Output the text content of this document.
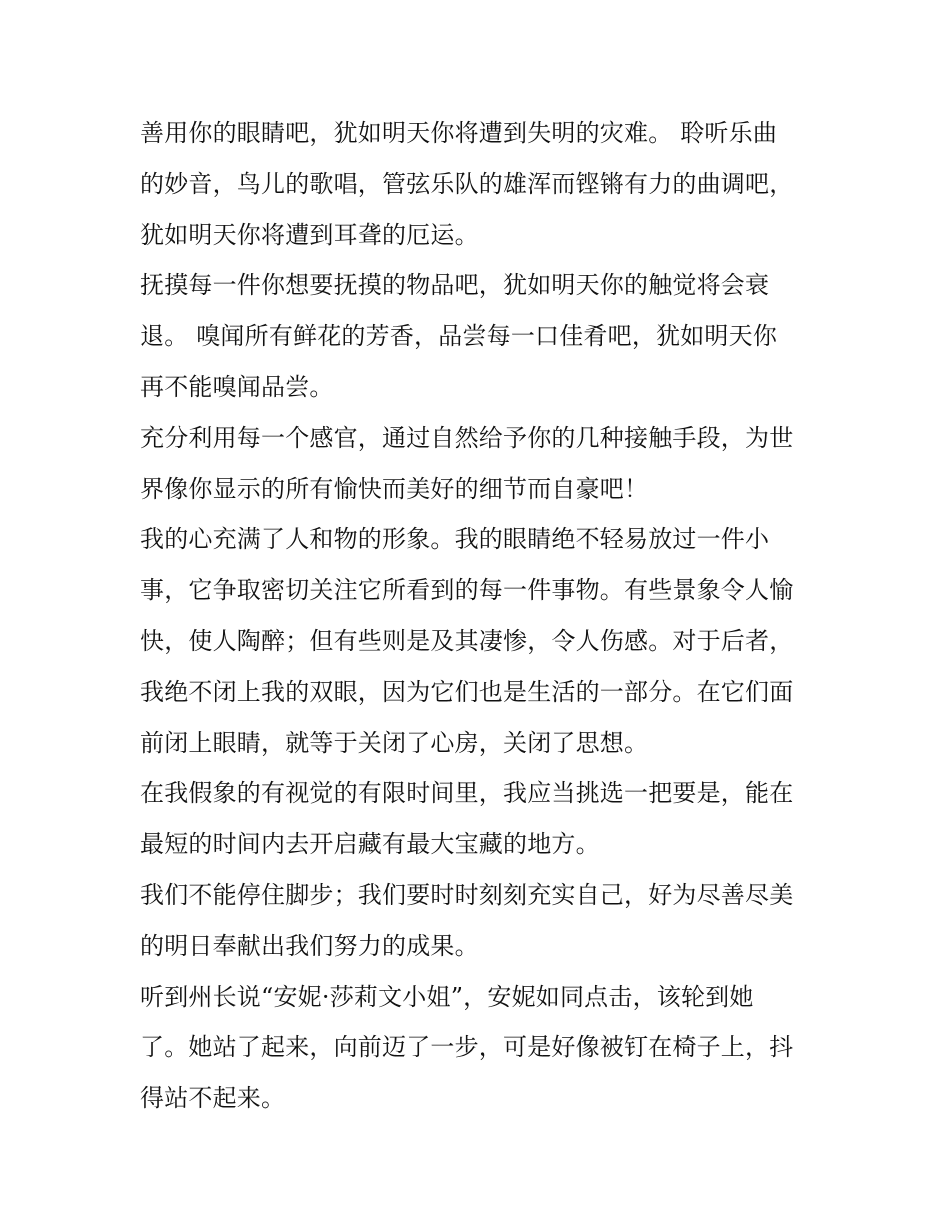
善用你的眼睛吧，犹如明天你将遭到失明的灾难。 聆听乐曲
的妙音，鸟儿的歌唱，管弦乐队的雄浑而铿锵有力的曲调吧，
犹如明天你将遭到耳聋的厄运。

抚摸每一件你想要抚摸的物品吧，犹如明天你的触觉将会衰
退。 嗅闻所有鲜花的芳香，品尝每一口佳肴吧，犹如明天你
再不能嗅闻品尝。

充分利用每一个感官，通过自然给予你的几种接触手段，为世
界像你显示的所有愉快而美好的细节而自豪吧！

我的心充满了人和物的形象。我的眼睛绝不轻易放过一件小
事，它争取密切关注它所看到的每一件事物。有些景象令人愉
快，使人陶醉；但有些则是及其凄惨，令人伤感。对于后者，
我绝不闭上我的双眼，因为它们也是生活的一部分。在它们面
前闭上眼睛，就等于关闭了心房，关闭了思想。

在我假象的有视觉的有限时间里，我应当挑选一把要是，能在
最短的时间内去开启藏有最大宝藏的地方。

我们不能停住脚步；我们要时时刻刻充实自己，好为尽善尽美
的明日奉献出我们努力的成果。

听到州长说“安妮·莎莉文小姐”，安妮如同点击，该轮到她
了。她站了起来，向前迈了一步，可是好像被钉在椅子上，抖
得站不起来。
